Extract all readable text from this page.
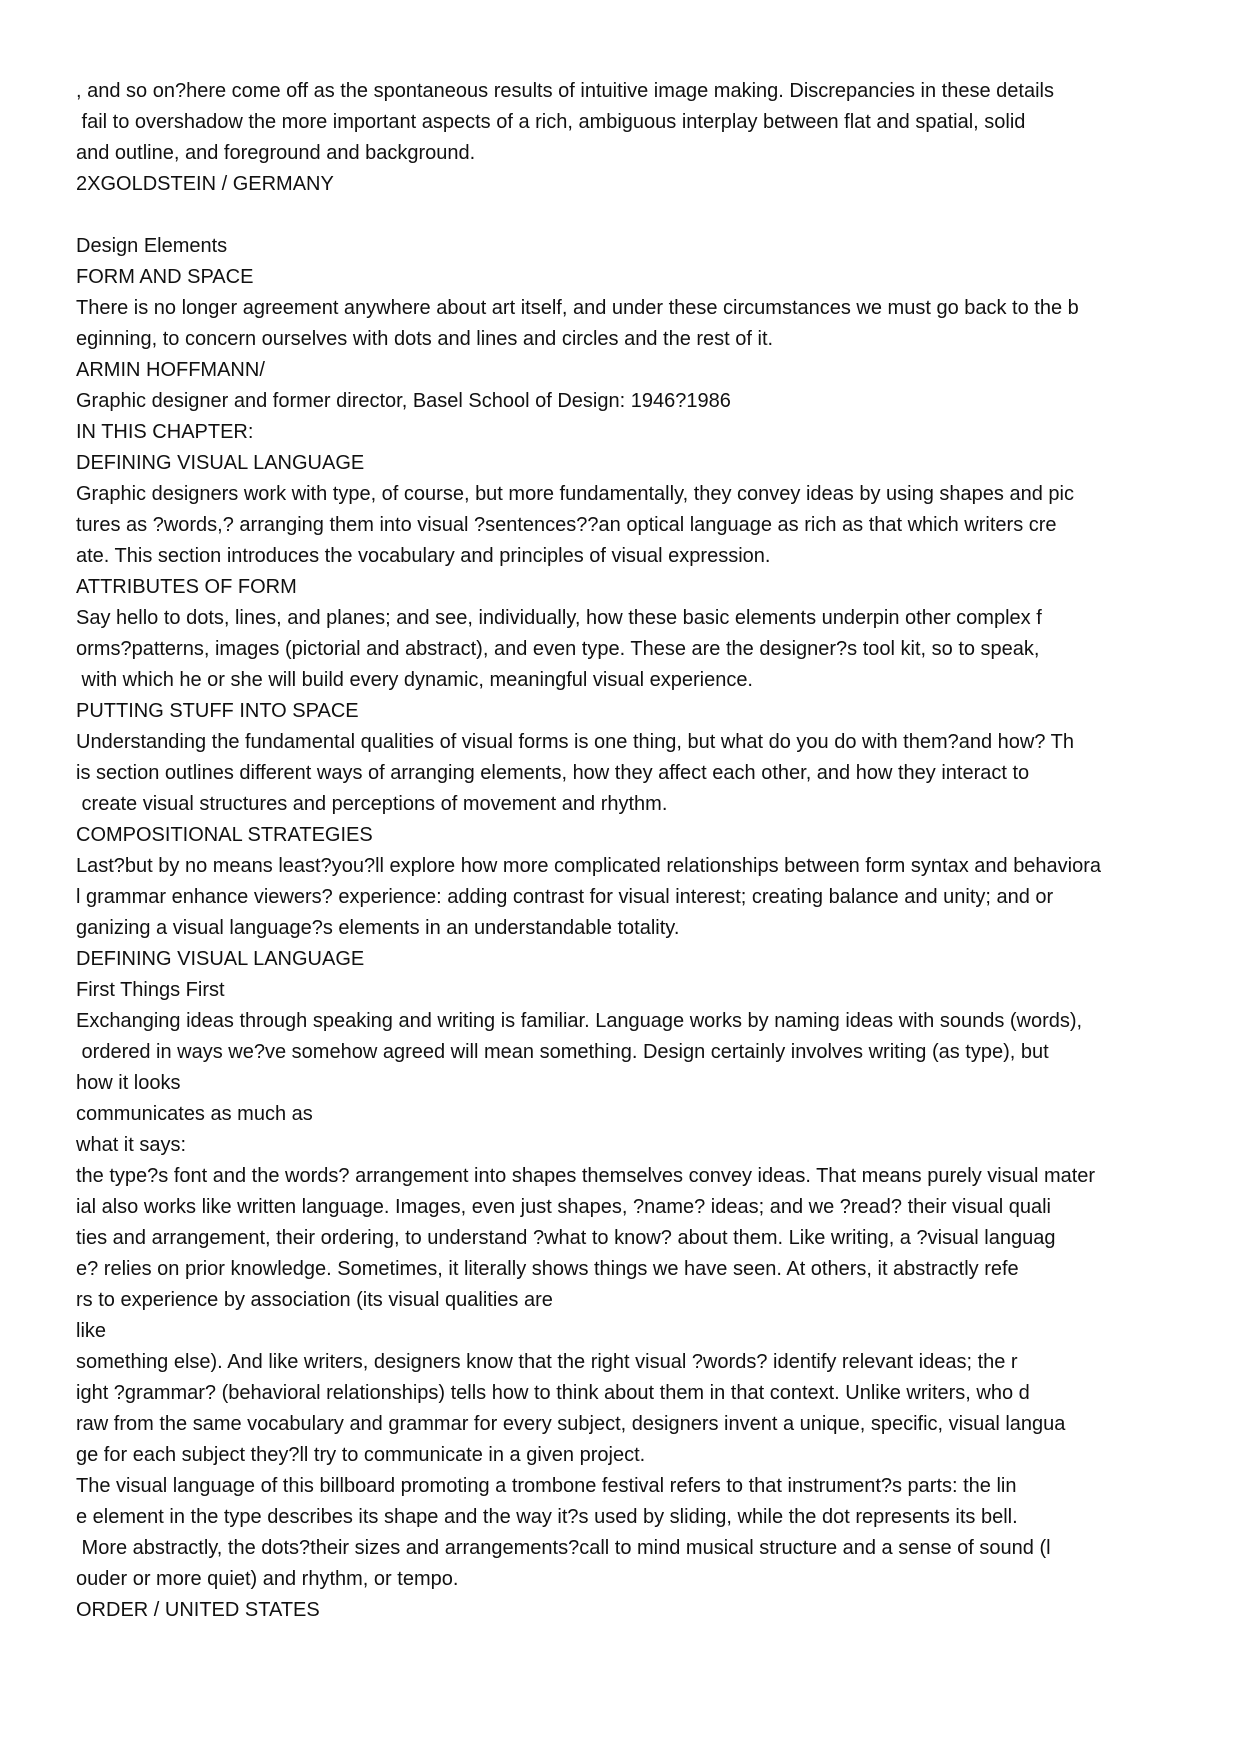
, and so on?here come off as the spontaneous results of intuitive image making. Discrepancies in these details
fail to overshadow the more important aspects of a rich, ambiguous interplay between flat and spatial, solid
and outline, and foreground and background.
2XGOLDSTEIN / GERMANY
Design Elements
FORM AND SPACE
There is no longer agreement anywhere about art itself, and under these circumstances we must go back to the b
eginning, to concern ourselves with dots and lines and circles and the rest of it.
ARMIN HOFFMANN/
Graphic designer and former director, Basel School of Design: 1946?1986
IN THIS CHAPTER:
DEFINING VISUAL LANGUAGE
Graphic designers work with type, of course, but more fundamentally, they convey ideas by using shapes and pic
tures as ?words,? arranging them into visual ?sentences??an optical language as rich as that which writers cre
ate. This section introduces the vocabulary and principles of visual expression.
ATTRIBUTES OF FORM
Say hello to dots, lines, and planes; and see, individually, how these basic elements underpin other complex f
orms?patterns, images (pictorial and abstract), and even type. These are the designer?s tool kit, so to speak,
with which he or she will build every dynamic, meaningful visual experience.
PUTTING STUFF INTO SPACE
Understanding the fundamental qualities of visual forms is one thing, but what do you do with them?and how? Th
is section outlines different ways of arranging elements, how they affect each other, and how they interact to
create visual structures and perceptions of movement and rhythm.
COMPOSITIONAL STRATEGIES
Last?but by no means least?you?ll explore how more complicated relationships between form syntax and behaviora
l grammar enhance viewers? experience: adding contrast for visual interest; creating balance and unity; and or
ganizing a visual language?s elements in an understandable totality.
DEFINING VISUAL LANGUAGE
First Things First
Exchanging ideas through speaking and writing is familiar. Language works by naming ideas with sounds (words),
ordered in ways we?ve somehow agreed will mean something. Design certainly involves writing (as type), but
how it looks
communicates as much as
what it says:
the type?s font and the words? arrangement into shapes themselves convey ideas. That means purely visual mater
ial also works like written language. Images, even just shapes, ?name? ideas; and we ?read? their visual quali
ties and arrangement, their ordering, to understand ?what to know? about them. Like writing, a ?visual languag
e? relies on prior knowledge. Sometimes, it literally shows things we have seen. At others, it abstractly refe
rs to experience by association (its visual qualities are
like
something else). And like writers, designers know that the right visual ?words? identify relevant ideas; the r
ight ?grammar? (behavioral relationships) tells how to think about them in that context. Unlike writers, who d
raw from the same vocabulary and grammar for every subject, designers invent a unique, specific, visual langua
ge for each subject they?ll try to communicate in a given project.
The visual language of this billboard promoting a trombone festival refers to that instrument?s parts: the lin
e element in the type describes its shape and the way it?s used by sliding, while the dot represents its bell.
More abstractly, the dots?their sizes and arrangements?call to mind musical structure and a sense of sound (l
ouder or more quiet) and rhythm, or tempo.
ORDER / UNITED STATES
